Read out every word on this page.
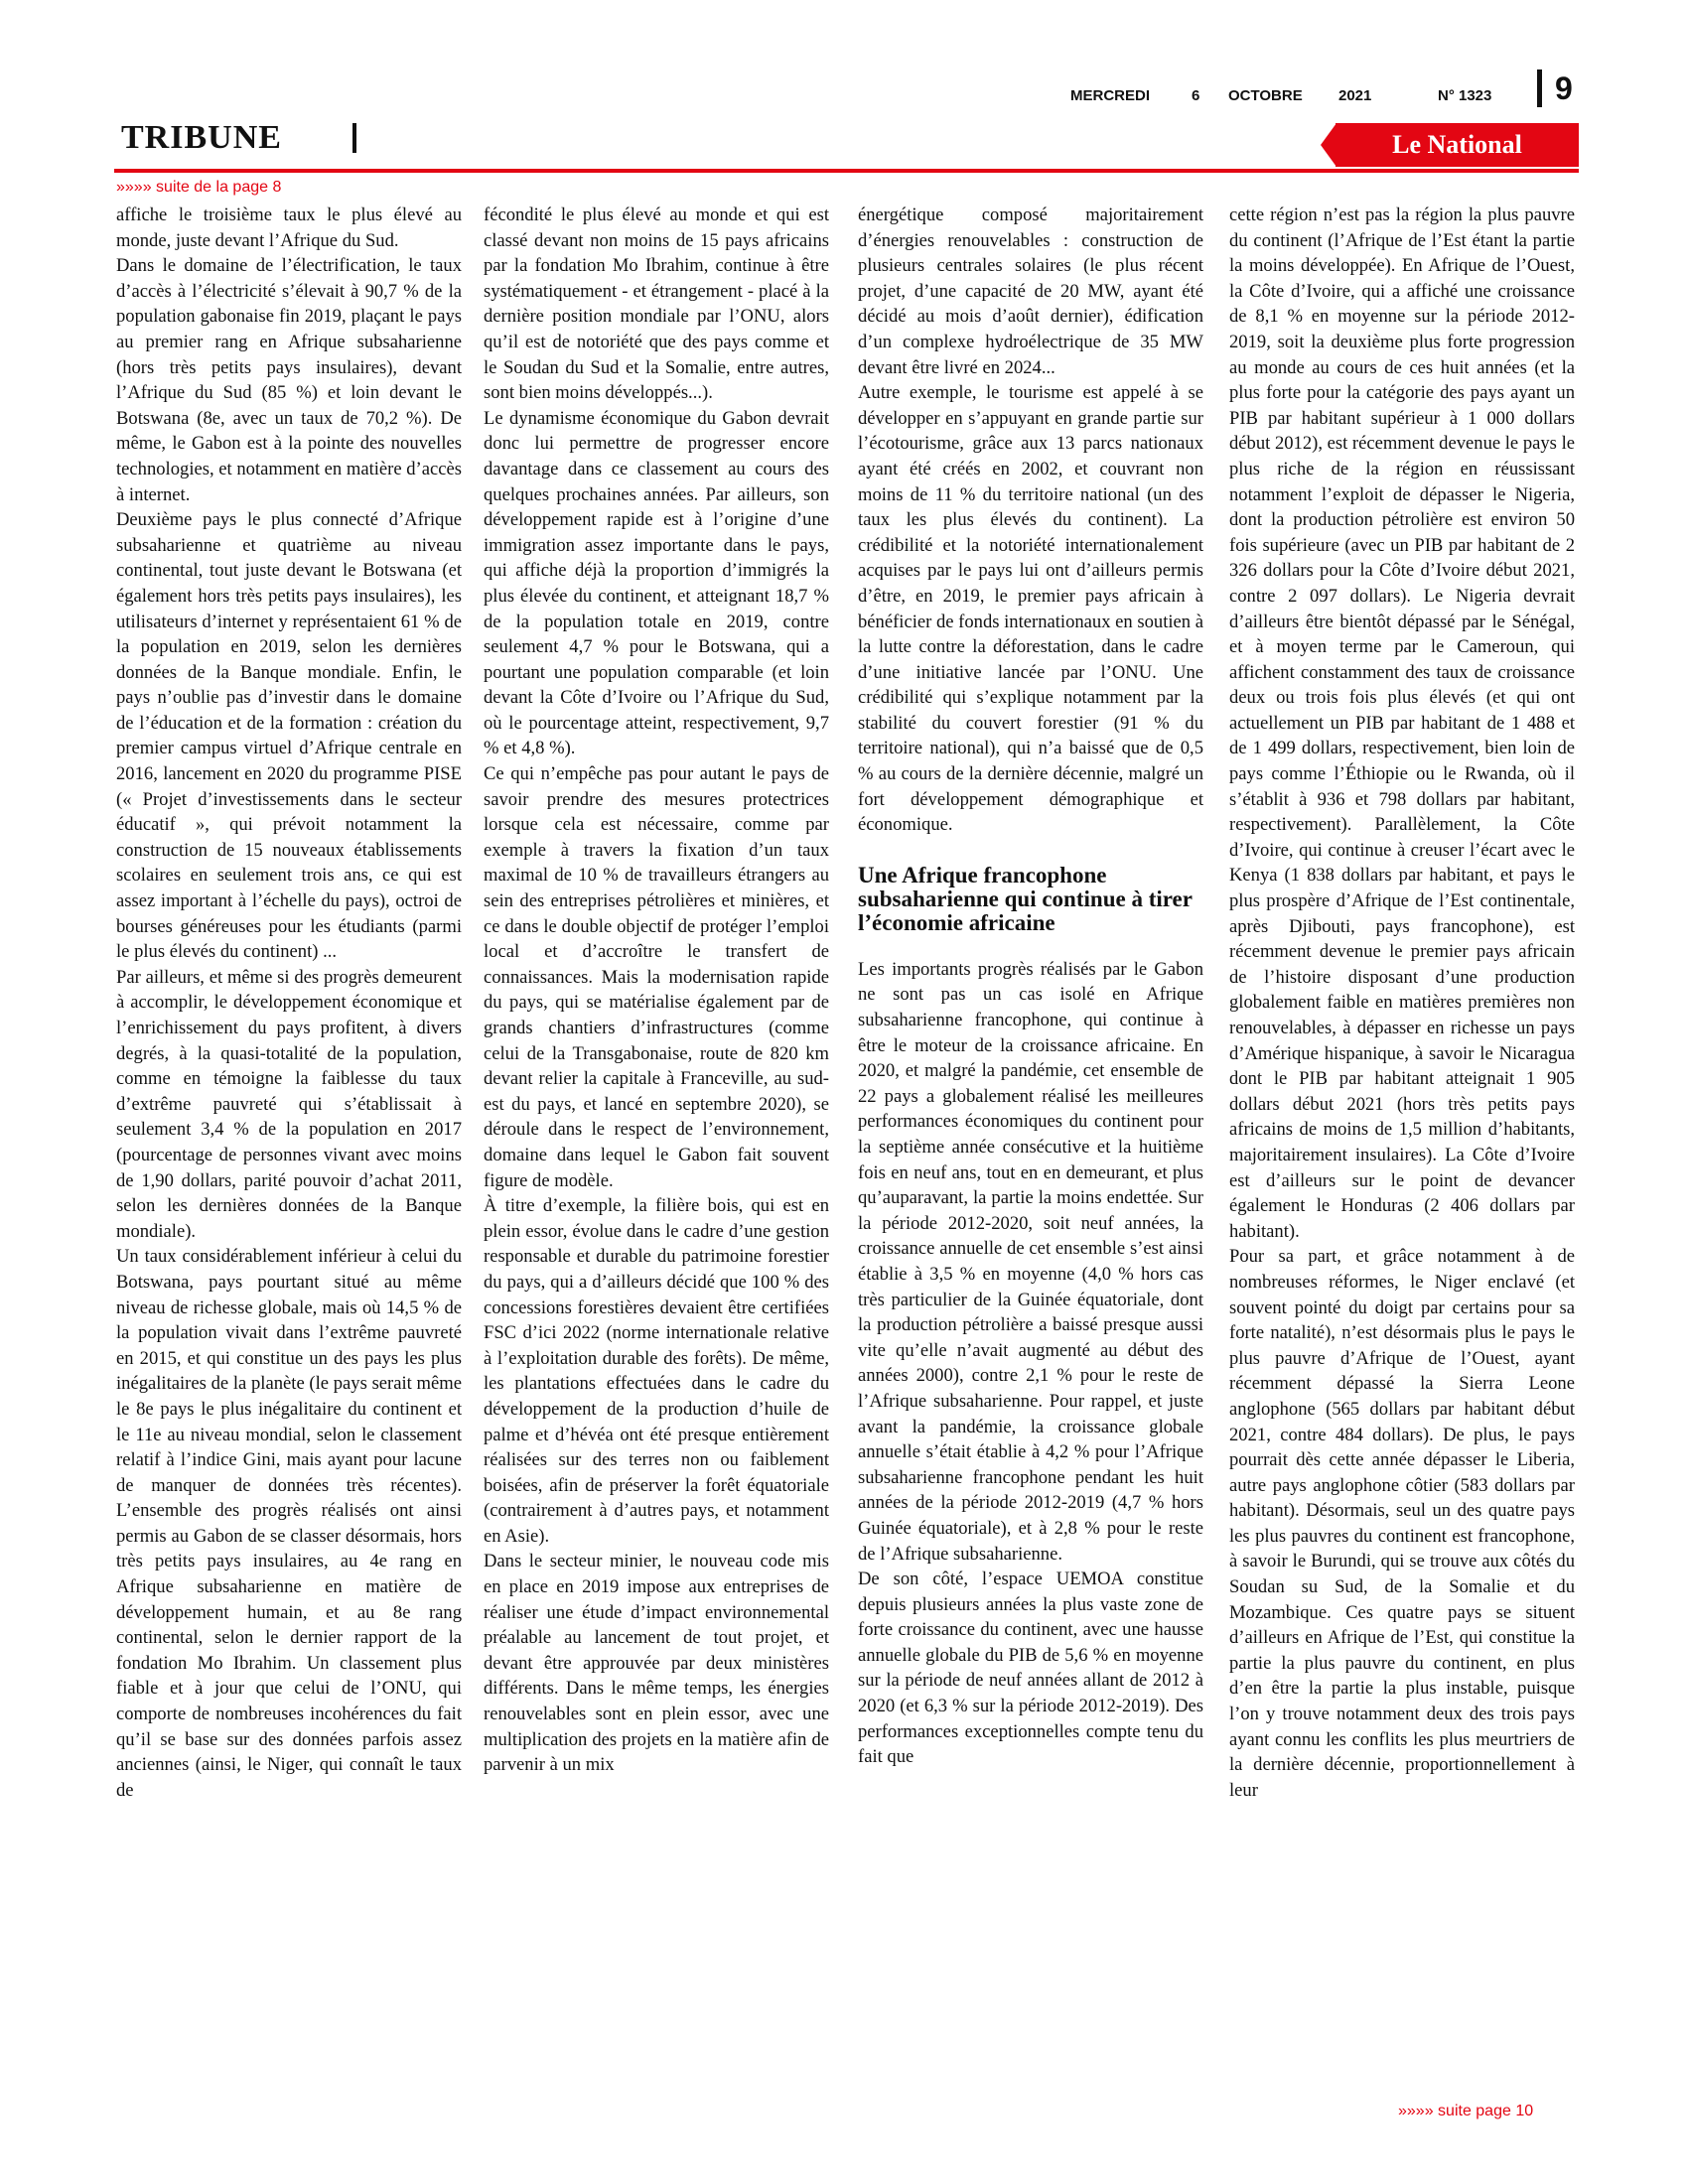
MERCREDI	6 OCTOBRE 2021	N° 1323 9
TRIBUNE	Le National
»»»» suite de la page 8

affiche le troisième taux le plus élevé au monde, juste devant l’Afrique du Sud.

Dans le domaine de l’électrification, le taux d’accès à l’électricité s’élevait à 90,7 % de la population gabonaise fin 2019, plaçant le pays au premier rang en Afrique subsaharienne (hors très petits pays insulaires), devant l’Afrique du Sud (85 %) et loin devant le Botswana (8e, avec un taux de 70,2 %). De même, le Gabon est à la pointe des nouvelles technologies, et notamment en matière d’accès à internet.

Deuxième pays le plus connecté d’Afrique subsaharienne et quatrième au niveau continental, tout juste devant le Botswana (et également hors très petits pays insulaires), les utilisateurs d’internet y représentaient 61 % de la population en 2019, selon les dernières données de la Banque mondiale. Enfin, le pays n’oublie pas d’investir dans le domaine de l’éducation et de la formation : création du premier campus virtuel d’Afrique centrale en 2016, lancement en 2020 du programme PISE (« Projet d’investissements dans le secteur éducatif », qui prévoit notamment la construction de 15 nouveaux établissements scolaires en seulement trois ans, ce qui est assez important à l’échelle du pays), octroi de bourses généreuses pour les étudiants (parmi le plus élevés du continent) ...

Par ailleurs, et même si des progrès demeurent à accomplir, le développement économique et l’enrichissement du pays profitent, à divers degrés, à la quasi-totalité de la population, comme en témoigne la faiblesse du taux d’extrême pauvreté qui s’établissait à seulement 3,4 % de la population en 2017 (pourcentage de personnes vivant avec moins de 1,90 dollars, parité pouvoir d’achat 2011, selon les dernières données de la Banque mondiale).

Un taux considérablement inférieur à celui du Botswana, pays pourtant situé au même niveau de richesse globale, mais où 14,5 % de la population vivait dans l’extrême pauvreté en 2015, et qui constitue un des pays les plus inégalitaires de la planète (le pays serait même le 8e pays le plus inégalitaire du continent et le 11e au niveau mondial, selon le classement relatif à l’indice Gini, mais ayant pour lacune de manquer de données très récentes). L’ensemble des progrès réalisés ont ainsi permis au Gabon de se classer désormais, hors très petits pays insulaires, au 4e rang en Afrique subsaharienne en matière de développement humain, et au 8e rang continental, selon le dernier rapport de la fondation Mo Ibrahim. Un classement plus fiable et à jour que celui de l’ONU, qui comporte de nombreuses incohérences du fait qu’il se base sur des données parfois assez anciennes (ainsi, le Niger, qui connaît le taux de

fécondité le plus élevé au monde et qui est classé devant non moins de 15 pays africains par la fondation Mo Ibrahim, continue à être systématiquement - et étrangement - placé à la dernière position mondiale par l’ONU, alors qu’il est de notoriété que des pays comme et le Soudan du Sud et la Somalie, entre autres, sont bien moins développés...).

Le dynamisme économique du Gabon devrait donc lui permettre de progresser encore davantage dans ce classement au cours des quelques prochaines années. Par ailleurs, son développement rapide est à l’origine d’une immigration assez importante dans le pays, qui affiche déjà la proportion d’immigrés la plus élevée du continent, et atteignant 18,7 % de la population totale en 2019, contre seulement 4,7 % pour le Botswana, qui a pourtant une population comparable (et loin devant la Côte d’Ivoire ou l’Afrique du Sud, où le pourcentage atteint, respectivement, 9,7 % et 4,8 %).

Ce qui n’empêche pas pour autant le pays de savoir prendre des mesures protectrices lorsque cela est nécessaire, comme par exemple à travers la fixation d’un taux maximal de 10 % de travailleurs étrangers au sein des entreprises pétrolières et minières, et ce dans le double objectif de protéger l’emploi local et d’accroître le transfert de connaissances. Mais la modernisation rapide du pays, qui se matérialise également par de grands chantiers d’infrastructures (comme celui de la Transgabonaise, route de 820 km devant relier la capitale à Franceville, au sud-est du pays, et lancé en septembre 2020), se déroule dans le respect de l’environnement, domaine dans lequel le Gabon fait souvent figure de modèle.

À titre d’exemple, la filière bois, qui est en plein essor, évolue dans le cadre d’une gestion responsable et durable du patrimoine forestier du pays, qui a d’ailleurs décidé que 100 % des concessions forestières devaient être certifiées FSC d’ici 2022 (norme internationale relative à l’exploitation durable des forêts). De même, les plantations effectuées dans le cadre du développement de la production d’huile de palme et d’hévéa ont été presque entièrement réalisées sur des terres non ou faiblement boisées, afin de préserver la forêt équatoriale (contrairement à d’autres pays, et notamment en Asie).

Dans le secteur minier, le nouveau code mis en place en 2019 impose aux entreprises de réaliser une étude d’impact environnemental préalable au lancement de tout projet, et devant être approuvée par deux ministères différents. Dans le même temps, les énergies renouvelables sont en plein essor, avec une multiplication des projets en la matière afin de parvenir à un mix

énergétique composé majoritairement d’énergies renouvelables : construction de plusieurs centrales solaires (le plus récent projet, d’une capacité de 20 MW, ayant été décidé au mois d’août dernier), édification d’un complexe hydroélectrique de 35 MW devant être livré en 2024...

Autre exemple, le tourisme est appelé à se développer en s’appuyant en grande partie sur l’écotourisme, grâce aux 13 parcs nationaux ayant été créés en 2002, et couvrant non moins de 11 % du territoire national (un des taux les plus élevés du continent). La crédibilité et la notoriété internationalement acquises par le pays lui ont d’ailleurs permis d’être, en 2019, le premier pays africain à bénéficier de fonds internationaux en soutien à la lutte contre la déforestation, dans le cadre d’une initiative lancée par l’ONU. Une crédibilité qui s’explique notamment par la stabilité du couvert forestier (91 % du territoire national), qui n’a baissé que de 0,5 % au cours de la dernière décennie, malgré un fort développement démographique et économique.

Une Afrique francophone subsaharienne qui continue à tirer l’économie africaine

Les importants progrès réalisés par le Gabon ne sont pas un cas isolé en Afrique subsaharienne francophone, qui continue à être le moteur de la croissance africaine. En 2020, et malgré la pandémie, cet ensemble de 22 pays a globalement réalisé les meilleures performances économiques du continent pour la septième année consécutive et la huitième fois en neuf ans, tout en en demeurant, et plus qu’auparavant, la partie la moins endettée. Sur la période 2012-2020, soit neuf années, la croissance annuelle de cet ensemble s’est ainsi établie à 3,5 % en moyenne (4,0 % hors cas très particulier de la Guinée équatoriale, dont la production pétrolière a baissé presque aussi vite qu’elle n’avait augmenté au début des années 2000), contre 2,1 % pour le reste de l’Afrique subsaharienne. Pour rappel, et juste avant la pandémie, la croissance globale annuelle s’était établie à 4,2 % pour l’Afrique subsaharienne francophone pendant les huit années de la période 2012-2019 (4,7 % hors Guinée équatoriale), et à 2,8 % pour le reste de l’Afrique subsaharienne.

De son côté, l’espace UEMOA constitue depuis plusieurs années la plus vaste zone de forte croissance du continent, avec une hausse annuelle globale du PIB de 5,6 % en moyenne sur la période de neuf années allant de 2012 à 2020 (et 6,3 % sur la période 2012-2019). Des performances exceptionnelles compte tenu du fait que

cette région n’est pas la région la plus pauvre du continent (l’Afrique de l’Est étant la partie la moins développée). En Afrique de l’Ouest, la Côte d’Ivoire, qui a affiché une croissance de 8,1 % en moyenne sur la période 2012-2019, soit la deuxième plus forte progression au monde au cours de ces huit années (et la plus forte pour la catégorie des pays ayant un PIB par habitant supérieur à 1 000 dollars début 2012), est récemment devenue le pays le plus riche de la région en réussissant notamment l’exploit de dépasser le Nigeria, dont la production pétrolière est environ 50 fois supérieure (avec un PIB par habitant de 2 326 dollars pour la Côte d’Ivoire début 2021, contre 2 097 dollars). Le Nigeria devrait d’ailleurs être bientôt dépassé par le Sénégal, et à moyen terme par le Cameroun, qui affichent constamment des taux de croissance deux ou trois fois plus élevés (et qui ont actuellement un PIB par habitant de 1 488 et de 1 499 dollars, respectivement, bien loin de pays comme l’Éthiopie ou le Rwanda, où il s’établit à 936 et 798 dollars par habitant, respectivement). Parallèlement, la Côte d’Ivoire, qui continue à creuser l’écart avec le Kenya (1 838 dollars par habitant, et pays le plus prospère d’Afrique de l’Est continentale, après Djibouti, pays francophone), est récemment devenue le premier pays africain de l’histoire disposant d’une production globalement faible en matières premières non renouvelables, à dépasser en richesse un pays d’Amérique hispanique, à savoir le Nicaragua dont le PIB par habitant atteignait 1 905 dollars début 2021 (hors très petits pays africains de moins de 1,5 million d’habitants, majoritairement insulaires). La Côte d’Ivoire est d’ailleurs sur le point de devancer également le Honduras (2 406 dollars par habitant).

Pour sa part, et grâce notamment à de nombreuses réformes, le Niger enclavé (et souvent pointé du doigt par certains pour sa forte natalité), n’est désormais plus le pays le plus pauvre d’Afrique de l’Ouest, ayant récemment dépassé la Sierra Leone anglophone (565 dollars par habitant début 2021, contre 484 dollars). De plus, le pays pourrait dès cette année dépasser le Liberia, autre pays anglophone côtier (583 dollars par habitant). Désormais, seul un des quatre pays les plus pauvres du continent est francophone, à savoir le Burundi, qui se trouve aux côtés du Soudan su Sud, de la Somalie et du Mozambique. Ces quatre pays se situent d’ailleurs en Afrique de l’Est, qui constitue la partie la plus pauvre du continent, en plus d’en être la partie la plus instable, puisque l’on y trouve notamment deux des trois pays ayant connu les conflits les plus meurtriers de la dernière décennie, proportionnellement à leur

»»»» suite page 10
